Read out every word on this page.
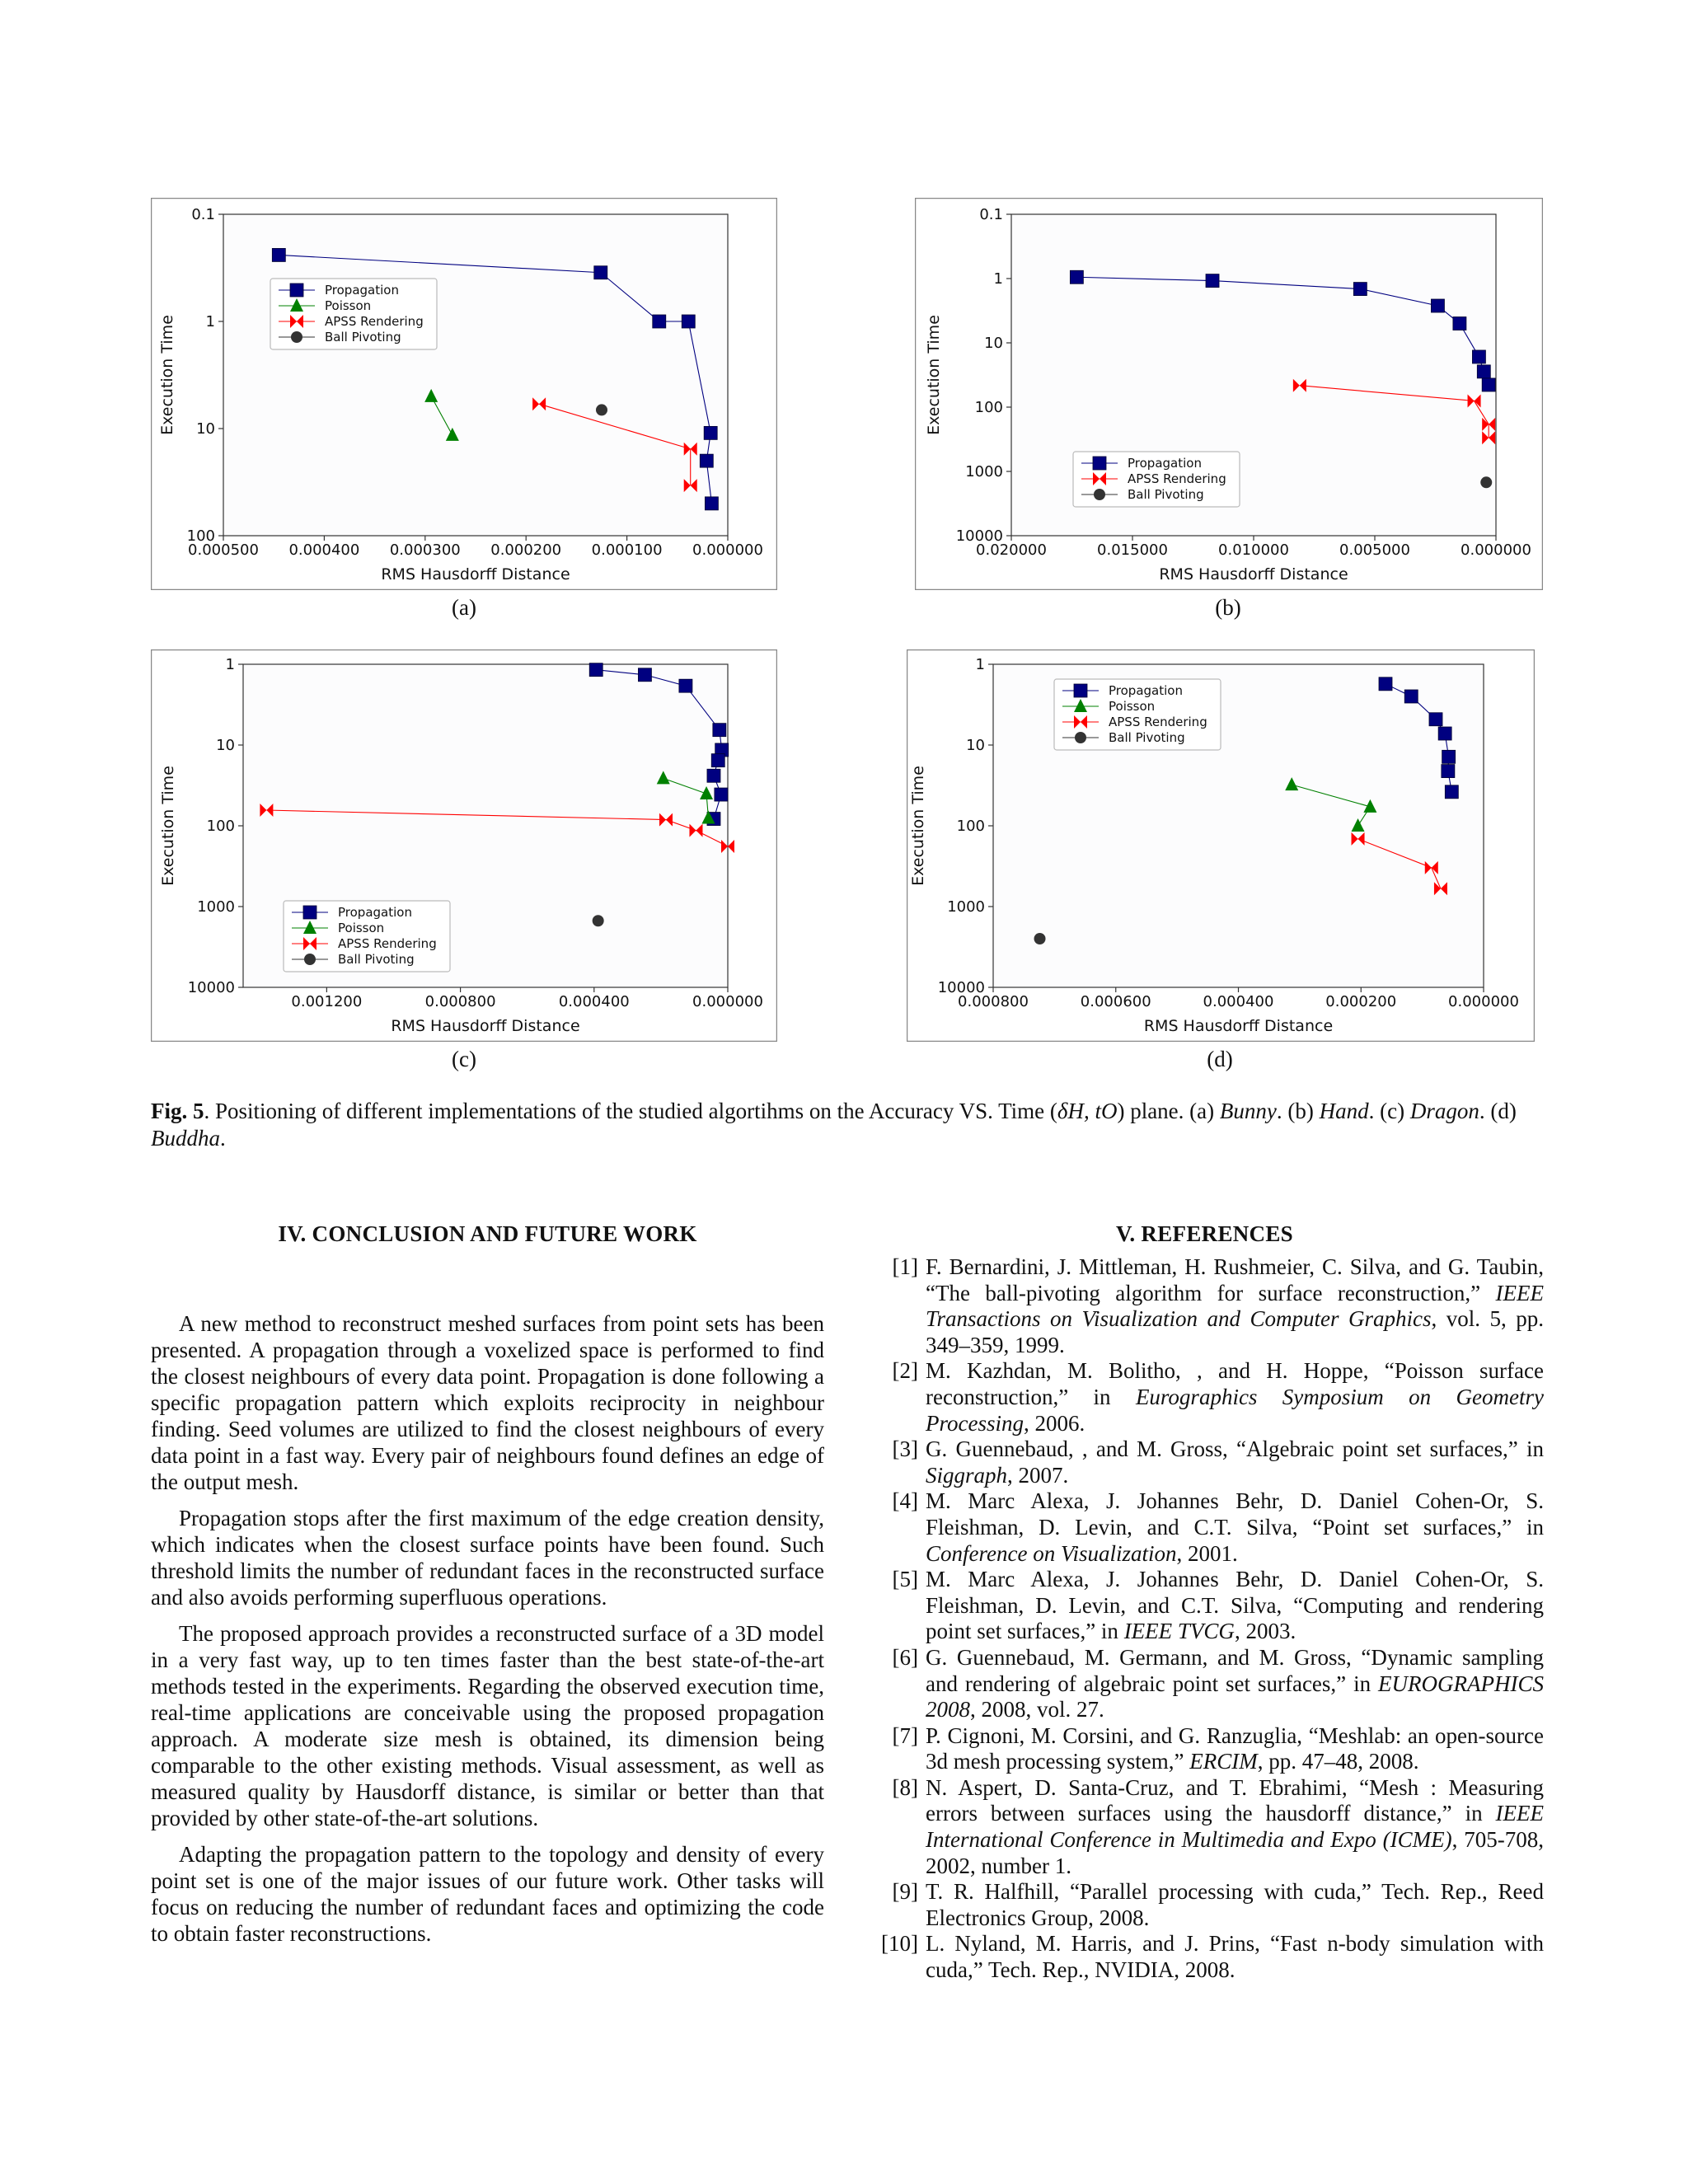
0.000500 0.000400 0.000300 0.000200 0.000100 0.000000
0.1
1
10
100
RMS Hausdorff Distance
Execution Time
Propagation
Poisson
APSS Rendering
Ball Pivoting
(a)
0.020000	0.015000	0.010000	0.005000	0.000000
0.1
1
10
100
1000
10000
RMS Hausdorff Distance
Execution Time
Propagation
APSS Rendering
Ball Pivoting
(b)
0.001200	0.000800	0.000400	0.000000
1
10
100
1000
10000
RMS Hausdorff Distance
Execution Time
Propagation
Poisson
APSS Rendering
Ball Pivoting
(c)
0.000800	0.000600	0.000400	0.000200	0.000000
1
10
100
1000
10000
RMS Hausdorff Distance
Execution Time
Propagation
Poisson
APSS Rendering
Ball Pivoting
(d)
Fig. 5. Positioning of different implementations of the studied algortihms on the Accuracy VS. Time (δH, tO) plane. (a) Bunny. (b) Hand. (c) Dragon. (d) Buddha.
IV. CONCLUSION AND FUTURE WORK

A new method to reconstruct meshed surfaces from point sets has been presented. A propagation through a voxelized space is performed to find the closest neighbours of every data point. Propagation is done following a specific propagation pattern which exploits reciprocity in neighbour finding. Seed volumes are utilized to find the closest neighbours of every data point in a fast way. Every pair of neighbours found defines an edge of the output mesh.

Propagation stops after the first maximum of the edge creation density, which indicates when the closest surface points have been found. Such threshold limits the number of redundant faces in the reconstructed surface and also avoids performing superfluous operations.

The proposed approach provides a reconstructed surface of a 3D model in a very fast way, up to ten times faster than the best state-of-the-art methods tested in the experiments. Regarding the observed execution time, real-time applications are conceivable using the proposed propagation approach. A moderate size mesh is obtained, its dimension being comparable to the other existing methods. Visual assessment, as well as measured quality by Hausdorff distance, is similar or better than that provided by other state-of-the-art solutions.

Adapting the propagation pattern to the topology and density of every point set is one of the major issues of our future work. Other tasks will focus on reducing the number of redundant faces and optimizing the code to obtain faster reconstructions.

V. REFERENCES
[1] F. Bernardini, J. Mittleman, H. Rushmeier, C. Silva, and G. Taubin, “The ball-pivoting algorithm for surface reconstruction,” IEEE Transactions on Visualization and Computer Graphics, vol. 5, pp. 349–359, 1999.
[2] M. Kazhdan, M. Bolitho, , and H. Hoppe, “Poisson surface reconstruction,” in Eurographics Symposium on Geometry Processing, 2006.
[3] G. Guennebaud, , and M. Gross, “Algebraic point set surfaces,” in Siggraph, 2007.
[4] M. Marc Alexa, J. Johannes Behr, D. Daniel Cohen-Or, S. Fleishman, D. Levin, and C.T. Silva, “Point set surfaces,” in Conference on Visualization, 2001.
[5] M. Marc Alexa, J. Johannes Behr, D. Daniel Cohen-Or, S. Fleishman, D. Levin, and C.T. Silva, “Computing and rendering point set surfaces,” in IEEE TVCG, 2003.
[6] G. Guennebaud, M. Germann, and M. Gross, “Dynamic sampling and rendering of algebraic point set surfaces,” in EUROGRAPHICS 2008, 2008, vol. 27.
[7] P. Cignoni, M. Corsini, and G. Ranzuglia, “Meshlab: an open-source 3d mesh processing system,” ERCIM, pp. 47–48, 2008.
[8] N. Aspert, D. Santa-Cruz, and T. Ebrahimi, “Mesh : Measuring errors between surfaces using the hausdorff distance,” in IEEE International Conference in Multimedia and Expo (ICME), 705-708, 2002, number 1.
[9] T. R. Halfhill, “Parallel processing with cuda,” Tech. Rep., Reed Electronics Group, 2008.
[10] L. Nyland, M. Harris, and J. Prins, “Fast n-body simulation with cuda,” Tech. Rep., NVIDIA, 2008.
